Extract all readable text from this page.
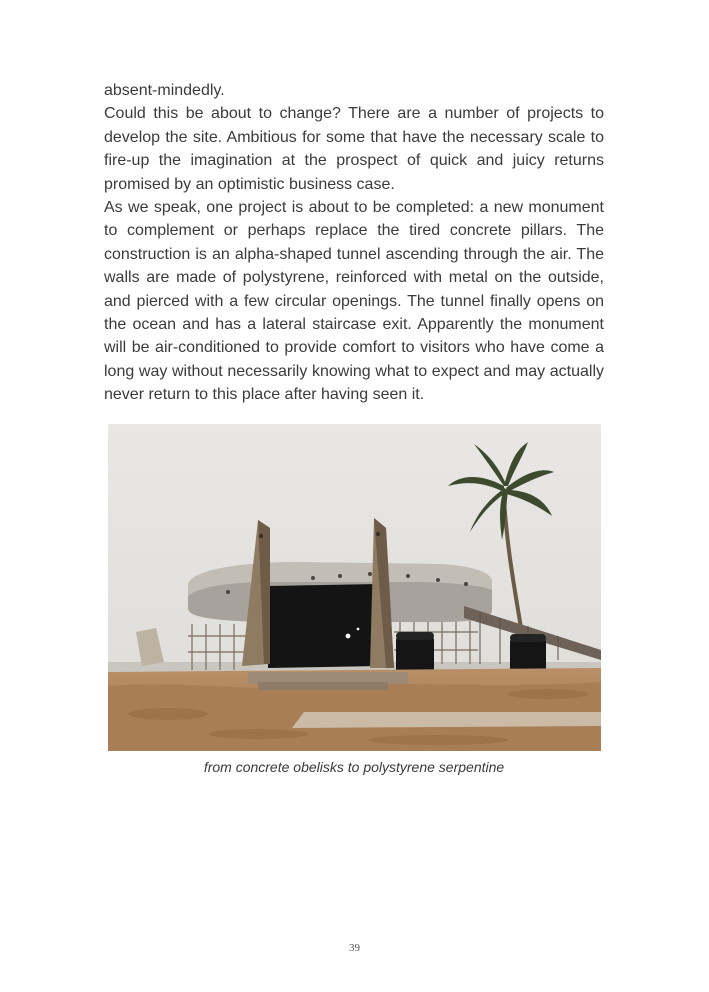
absent-mindedly.

Could this be about to change? There are a number of projects to develop the site. Ambitious for some that have the necessary scale to fire-up the imagination at the prospect of quick and juicy returns promised by an optimistic business case.

As we speak, one project is about to be completed: a new monument to complement or perhaps replace the tired concrete pillars. The construction is an alpha-shaped tunnel ascending through the air. The walls are made of polystyrene, reinforced with metal on the outside, and pierced with a few circular openings. The tunnel finally opens on the ocean and has a lateral staircase exit. Apparently the monument will be air-conditioned to provide comfort to visitors who have come a long way without necessarily knowing what to expect and may actually never return to this place after having seen it.

from concrete obelisks to polystyrene serpentine
39
